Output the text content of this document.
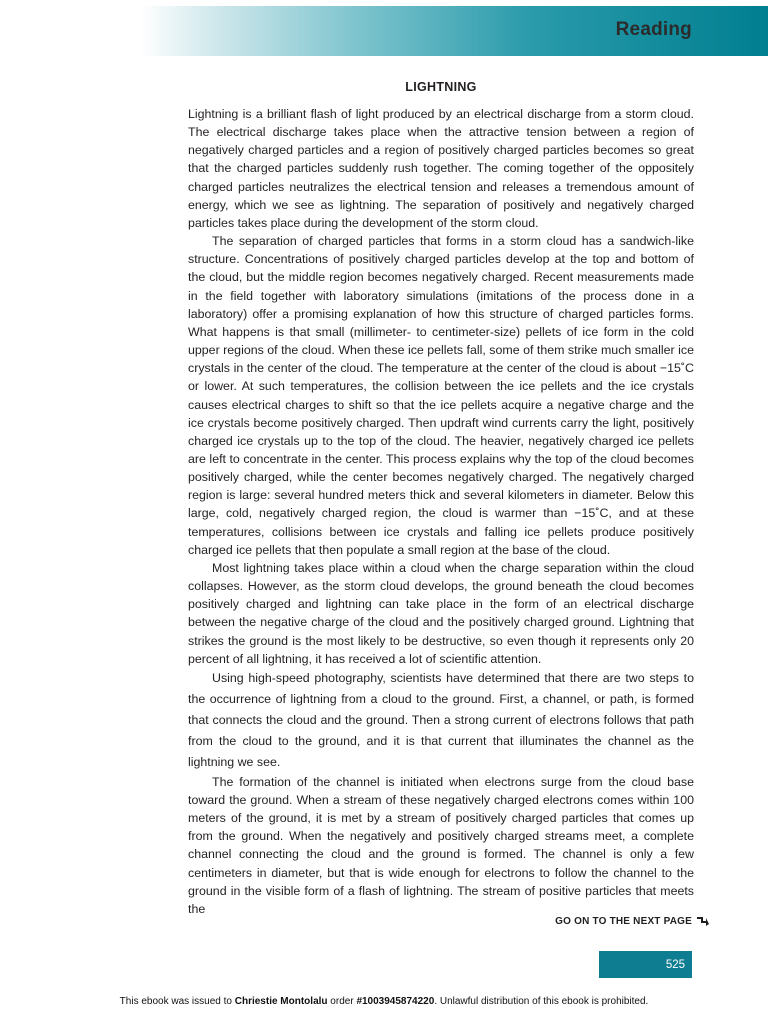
Reading
LIGHTNING

Lightning is a brilliant flash of light produced by an electrical discharge from a storm cloud. The electrical discharge takes place when the attractive tension between a region of negatively charged particles and a region of positively charged particles becomes so great that the charged particles suddenly rush together. The coming together of the oppositely charged particles neutralizes the electrical tension and releases a tremendous amount of energy, which we see as lightning. The separation of positively and negatively charged particles takes place during the development of the storm cloud.

The separation of charged particles that forms in a storm cloud has a sandwich-like structure. Concentrations of positively charged particles develop at the top and bottom of the cloud, but the middle region becomes negatively charged. Recent measurements made in the field together with laboratory simulations (imitations of the process done in a laboratory) offer a promising explanation of how this structure of charged particles forms. What happens is that small (millimeter- to centimeter-size) pellets of ice form in the cold upper regions of the cloud. When these ice pellets fall, some of them strike much smaller ice crystals in the center of the cloud. The temperature at the center of the cloud is about −15˚C or lower. At such temperatures, the collision between the ice pellets and the ice crystals causes electrical charges to shift so that the ice pellets acquire a negative charge and the ice crystals become positively charged. Then updraft wind currents carry the light, positively charged ice crystals up to the top of the cloud. The heavier, negatively charged ice pellets are left to concentrate in the center. This process explains why the top of the cloud becomes positively charged, while the center becomes negatively charged. The negatively charged region is large: several hundred meters thick and several kilometers in diameter. Below this large, cold, negatively charged region, the cloud is warmer than −15˚C, and at these temperatures, collisions between ice crystals and falling ice pellets produce positively charged ice pellets that then populate a small region at the base of the cloud.

Most lightning takes place within a cloud when the charge separation within the cloud collapses. However, as the storm cloud develops, the ground beneath the cloud becomes positively charged and lightning can take place in the form of an electrical discharge between the negative charge of the cloud and the positively charged ground. Lightning that strikes the ground is the most likely to be destructive, so even though it represents only 20 percent of all lightning, it has received a lot of scientific attention.

Using high-speed photography, scientists have determined that there are two steps to the occurrence of lightning from a cloud to the ground. First, a channel, or path, is formed that connects the cloud and the ground. Then a strong current of electrons follows that path from the cloud to the ground, and it is that current that illuminates the channel as the lightning we see.

The formation of the channel is initiated when electrons surge from the cloud base toward the ground. When a stream of these negatively charged electrons comes within 100 meters of the ground, it is met by a stream of positively charged particles that comes up from the ground. When the negatively and positively charged streams meet, a complete channel connecting the cloud and the ground is formed. The channel is only a few centimeters in diameter, but that is wide enough for electrons to follow the channel to the ground in the visible form of a flash of lightning. The stream of positive particles that meets the

GO ON TO THE NEXT PAGE
525
This ebook was issued to Chriestie Montolalu order #1003945874220. Unlawful distribution of this ebook is prohibited.
